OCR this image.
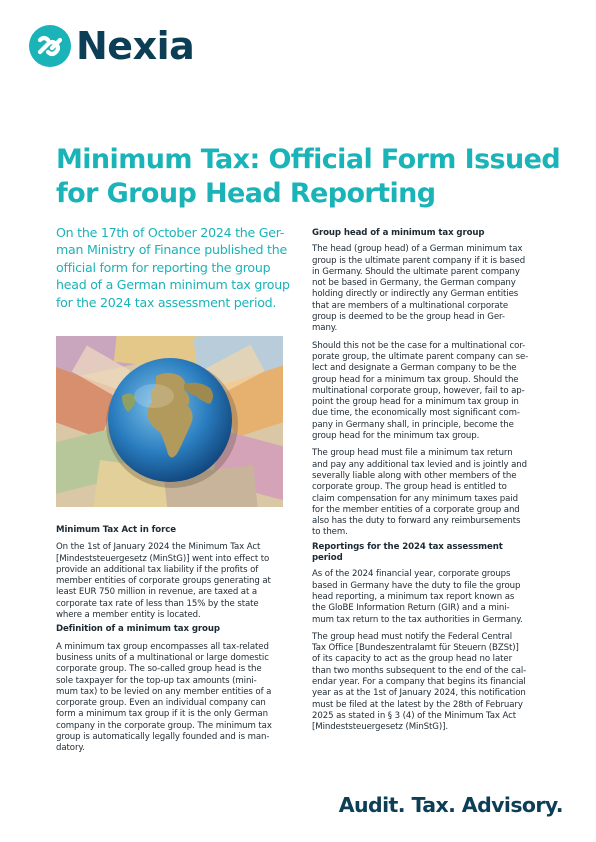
Nexia
Minimum Tax: Official Form Issued
for Group Head Reporting
On the 17th of October 2024 the Ger-
man Ministry of Finance published the
official form for reporting the group
head of a German minimum tax group
for the 2024 tax assessment period.
Minimum Tax Act in force
On the 1st of January 2024 the Minimum Tax Act
[Mindeststeuergesetz (MinStG)] went into effect to
provide an additional tax liability if the profits of
member entities of corporate groups generating at
least EUR 750 million in revenue, are taxed at a
corporate tax rate of less than 15% by the state
where a member entity is located.
Definition of a minimum tax group
A minimum tax group encompasses all tax-related
business units of a multinational or large domestic
corporate group. The so-called group head is the
sole taxpayer for the top-up tax amounts (mini-
mum tax) to be levied on any member entities of a
corporate group. Even an individual company can
form a minimum tax group if it is the only German
company in the corporate group. The minimum tax
group is automatically legally founded and is man-
datory.
Group head of a minimum tax group
The head (group head) of a German minimum tax
group is the ultimate parent company if it is based
in Germany. Should the ultimate parent company
not be based in Germany, the German company
holding directly or indirectly any German entities
that are members of a multinational corporate
group is deemed to be the group head in Ger-
many.
Should this not be the case for a multinational cor-
porate group, the ultimate parent company can se-
lect and designate a German company to be the
group head for a minimum tax group. Should the
multinational corporate group, however, fail to ap-
point the group head for a minimum tax group in
due time, the economically most significant com-
pany in Germany shall, in principle, become the
group head for the minimum tax group.
The group head must file a minimum tax return
and pay any additional tax levied and is jointly and
severally liable along with other members of the
corporate group. The group head is entitled to
claim compensation for any minimum taxes paid
for the member entities of a corporate group and
also has the duty to forward any reimbursements
to them.
Reportings for the 2024 tax assessment
period
As of the 2024 financial year, corporate groups
based in Germany have the duty to file the group
head reporting, a minimum tax report known as
the GloBE Information Return (GIR) and a mini-
mum tax return to the tax authorities in Germany.
The group head must notify the Federal Central
Tax Office [Bundeszentralamt für Steuern (BZSt)]
of its capacity to act as the group head no later
than two months subsequent to the end of the cal-
endar year. For a company that begins its financial
year as at the 1st of January 2024, this notification
must be filed at the latest by the 28th of February
2025 as stated in § 3 (4) of the Minimum Tax Act
[Mindeststeuergesetz (MinStG)].
Audit. Tax. Advisory.
